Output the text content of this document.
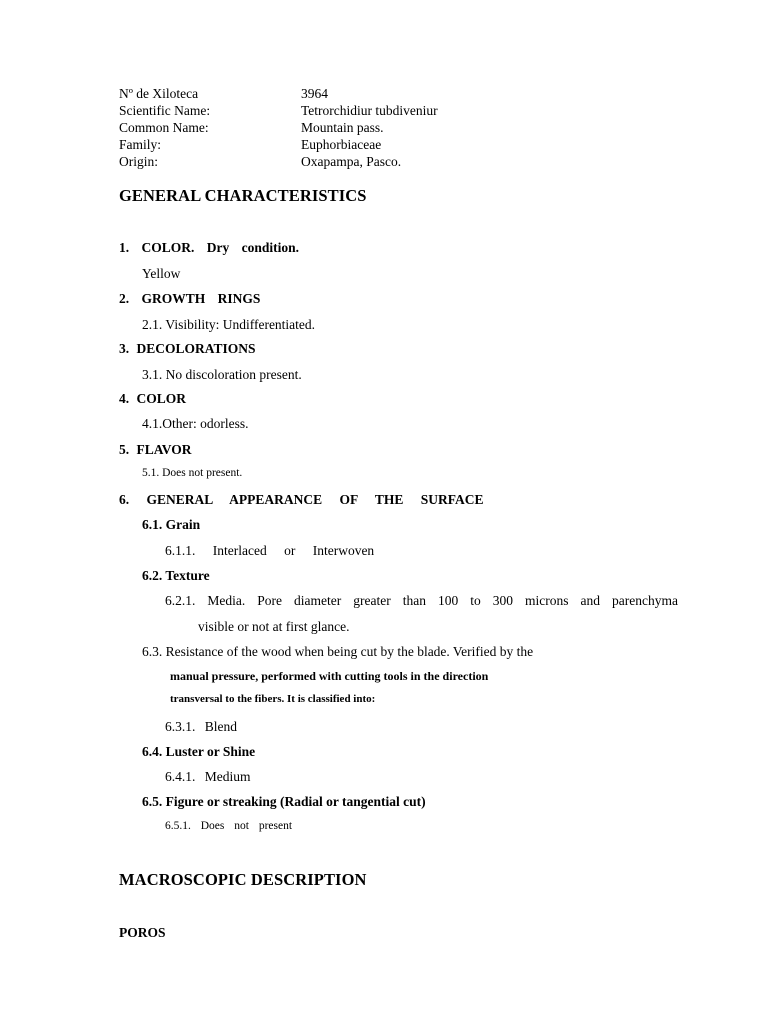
Nº de Xiloteca	3964
Scientific Name:	Tetrorchidiur tubdiveniur
Common Name:	Mountain pass.
Family:	Euphorbiaceae
Origin:	Oxapampa, Pasco.
GENERAL CHARACTERISTICS
1. COLOR. Dry condition.
Yellow
2. GROWTH RINGS
2.1. Visibility: Undifferentiated.
3. DECOLORATIONS
3.1. No discoloration present.
4. COLOR
4.1.Other: odorless.
5. FLAVOR
5.1. Does not present.
6. GENERAL APPEARANCE OF THE SURFACE
6.1. Grain
6.1.1. Interlaced or Interwoven
6.2. Texture
6.2.1. Media. Pore diameter greater than 100 to 300 microns and parenchyma
visible or not at first glance.
6.3. Resistance of the wood when being cut by the blade. Verified by the
manual pressure, performed with cutting tools in the direction
transversal to the fibers. It is classified into:
6.3.1. Blend
6.4. Luster or Shine
6.4.1. Medium
6.5. Figure or streaking (Radial or tangential cut)
6.5.1. Does not present
MACROSCOPIC DESCRIPTION
POROS
